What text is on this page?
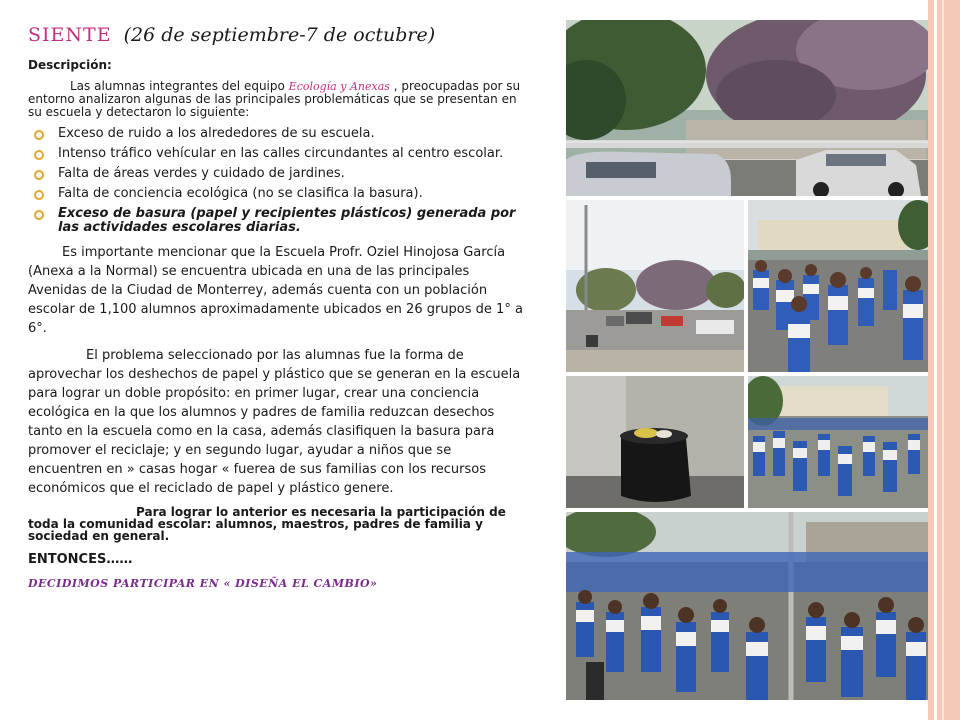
SIENTE (26 de septiembre-7 de octubre)
Descripción:
Las alumnas integrantes del equipo Ecología y Anexas , preocupadas por su entorno analizaron algunas de las principales problemáticas que se presentan en su escuela y detectaron lo siguiente:
Exceso de ruido a los alrededores de su escuela.
Intenso tráfico vehícular en las calles circundantes al centro escolar.
Falta de áreas verdes y cuidado de jardines.
Falta de conciencia ecológica (no se clasifica la basura).
Exceso de basura (papel y recipientes plásticos) generada por las actividades escolares diarias.
Es importante mencionar que la Escuela Profr. Oziel Hinojosa García (Anexa a la Normal) se encuentra ubicada en una de las principales Avenidas de la Ciudad de Monterrey, además cuenta con un población escolar de 1,100 alumnos aproximadamente ubicados en 26 grupos de 1° a 6°.
El problema seleccionado por las alumnas fue la forma de aprovechar los deshechos de papel y plástico que se generan en la escuela para lograr un doble propósito: en primer lugar, crear una conciencia ecológica en la que los alumnos y padres de familia reduzcan desechos tanto en la escuela como en la casa, además clasifiquen la basura para promover el reciclaje; y en segundo lugar, ayudar a niños que se encuentren en » casas hogar « fuerea de sus familias con los recursos económicos que el reciclado de papel y plástico genere.
Para lograr lo anterior es necesaria la participación de toda la comunidad escolar: alumnos, maestros, padres de familia y sociedad en general.
ENTONCES……
DECIDIMOS PARTICIPAR EN « DISEÑA EL CAMBIO»
